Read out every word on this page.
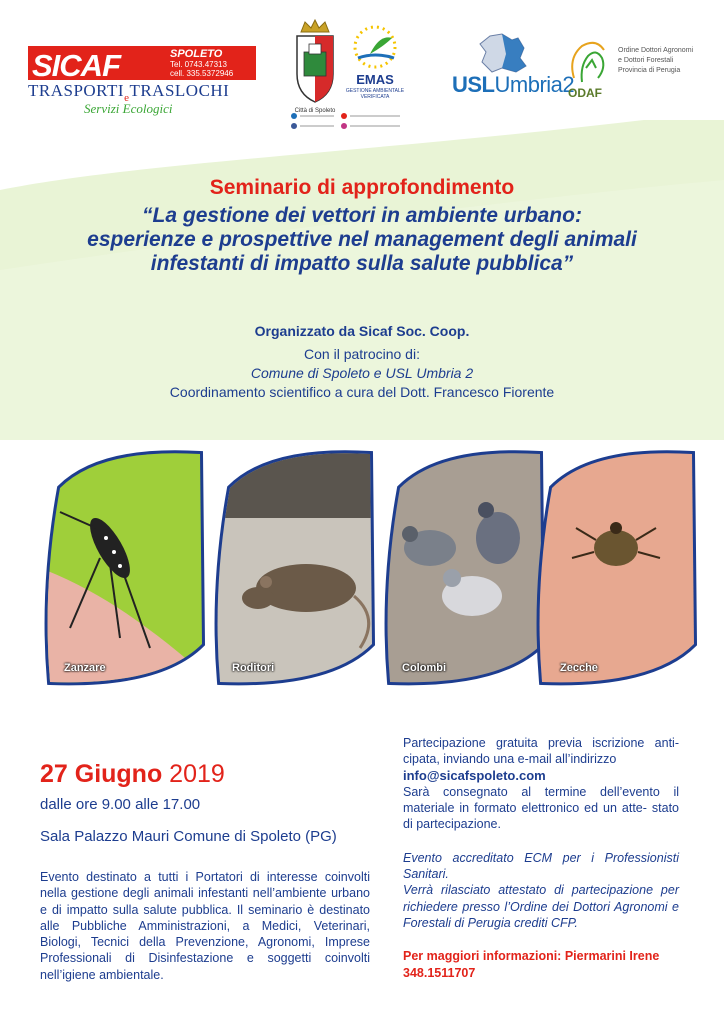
SICAF	SPOLETO
Tel. 0743.47313
cell. 335.5372946
$TRASPORTI_eTRASLOCHI$
Servizi Ecologici	Città di Spoleto
EMAS
GESTIONE AMBIENTALE
VERIFICATA	USLUmbria2
ODAF
Ordine Dottori Agronomi
e Dottori Forestali
Provincia di Perugia
Seminario di approfondimento
“La gestione dei vettori in ambiente urbano:
esperienze e prospettive nel management degli animali
infestanti di impatto sulla salute pubblica”
Organizzato da Sicaf Soc. Coop.
Con il patrocino di:
Comune di Spoleto e USL Umbria 2
Coordinamento scientifico a cura del Dott. Francesco Fiorente
Zanzare	Roditori	Colombi	Zecche
27 Giugno 2019
dalle ore 9.00 alle 17.00
Sala Palazzo Mauri Comune di Spoleto (PG)
Evento destinato a tutti i Portatori di interesse coinvolti nella gestione degli animali infestanti nell’ambiente urbano e di impatto sulla salute pubblica. Il seminario è destinato alle Pubbliche Amministrazioni, a Medici, Veterinari, Biologi, Tecnici della Prevenzione, Agronomi, Imprese Professionali di Disinfestazione e soggetti coinvolti nell’igiene ambientale.

Partecipazione gratuita previa iscrizione anti- cipata, inviando una e-mail all’indirizzo
info@sicafspoleto.com
Sarà consegnato al termine dell’evento il materiale in formato elettronico ed un atte- stato di partecipazione.

Evento accreditato ECM per i Professionisti Sanitari.
Verrà rilasciato attestato di partecipazione per richiedere presso l’Ordine dei Dottori Agronomi e Forestali di Perugia crediti CFP.

Per maggiori informazioni: Piermarini Irene
348.1511707
